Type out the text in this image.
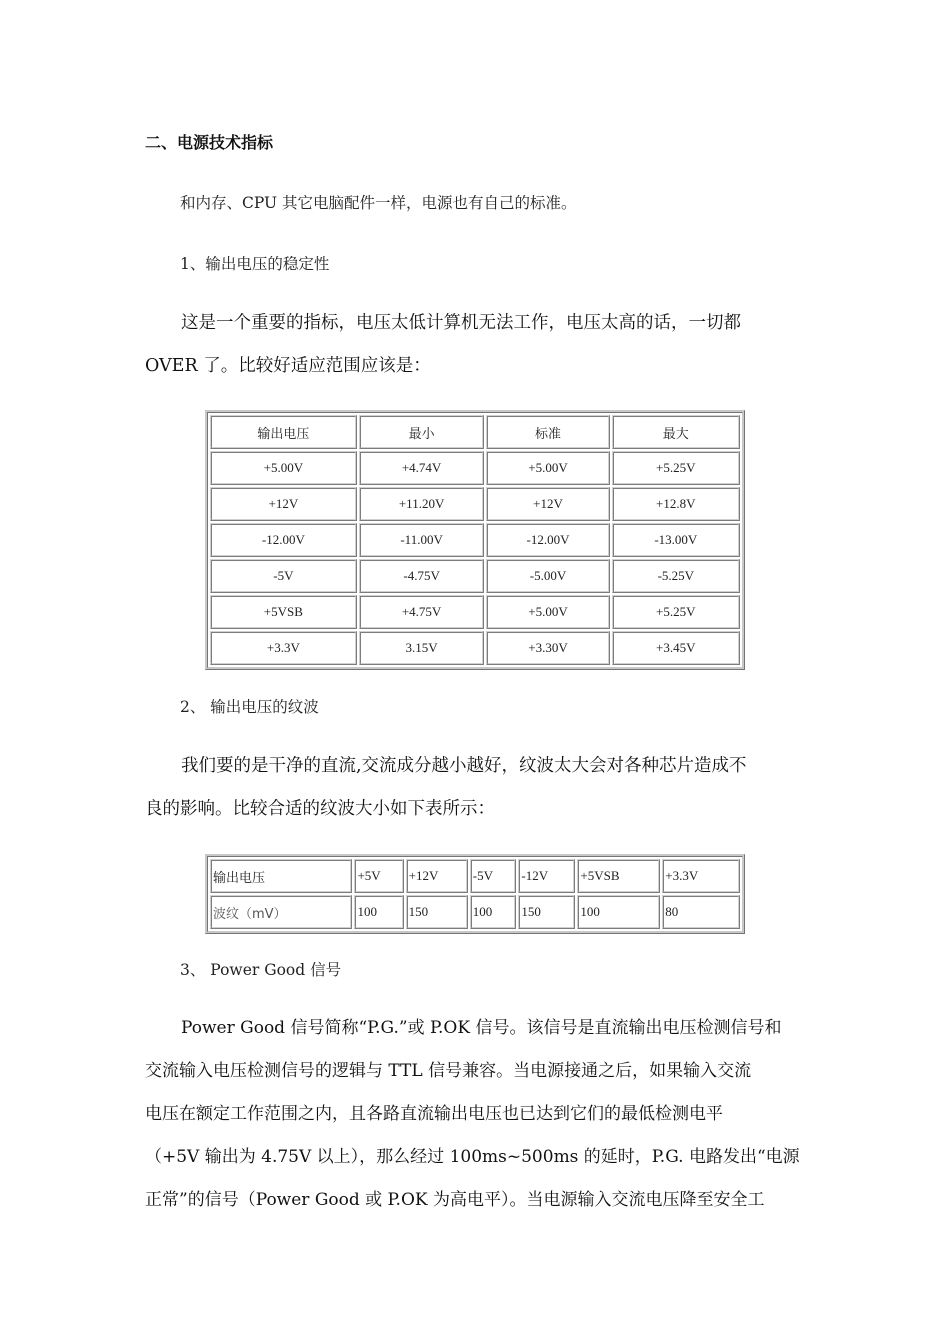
二、电源技术指标
和内存、CPU 其它电脑配件一样，电源也有自己的标准。
1、输出电压的稳定性
这是一个重要的指标，电压太低计算机无法工作，电压太高的话，一切都
OVER 了。比较好适应范围应该是：
输出电压	最小	标准	最大
+5.00V	+4.74V	+5.00V	+5.25V
+12V	+11.20V	+12V	+12.8V
-12.00V	-11.00V	-12.00V	-13.00V
-5V	-4.75V	-5.00V	-5.25V
+5VSB	+4.75V	+5.00V	+5.25V
+3.3V	3.15V	+3.30V	+3.45V
2、 输出电压的纹波
我们要的是干净的直流,交流成分越小越好，纹波太大会对各种芯片造成不
良的影响。比较合适的纹波大小如下表所示：
输出电压	+5V	+12V	-5V	-12V	+5VSB	+3.3V
波纹（mV）	100	150	100	150	100	80
3、 Power Good 信号
Power Good 信号简称“P.G.”或 P.OK 信号。该信号是直流输出电压检测信号和
交流输入电压检测信号的逻辑与 TTL 信号兼容。当电源接通之后，如果输入交流
电压在额定工作范围之内，且各路直流输出电压也已达到它们的最低检测电平
（+5V 输出为 4.75V 以上），那么经过 100ms~500ms 的延时，P.G. 电路发出“电源
正常”的信号（Power Good 或 P.OK 为高电平）。当电源输入交流电压降至安全工
